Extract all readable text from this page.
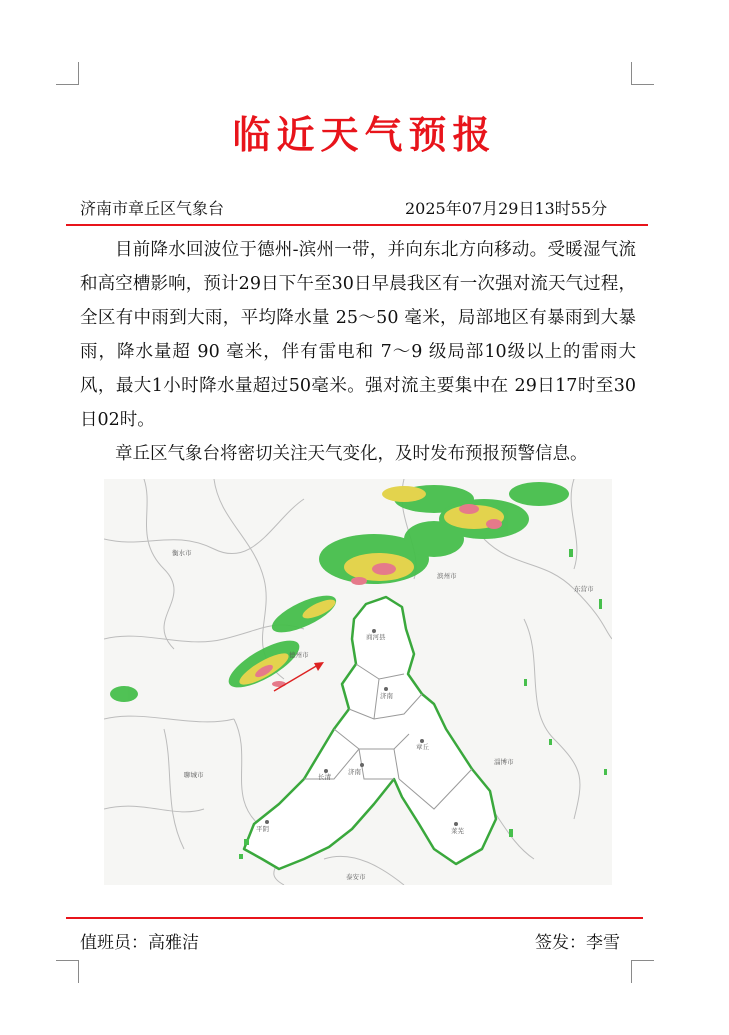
临近天气预报
济南市章丘区气象台	2025年07月29日13时55分

目前降水回波位于德州-滨州一带，并向东北方向移动。受暖湿气流和高空槽影响，预计29日下午至30日早晨我区有一次强对流天气过程，全区有中雨到大雨，平均降水量 25～50 毫米，局部地区有暴雨到大暴雨，降水量超 90 毫米，伴有雷电和 7～9 级局部10级以上的雷雨大风，最大1小时降水量超过50毫米。强对流主要集中在 29日17时至30日02时。

章丘区气象台将密切关注天气变化，及时发布预报预警信息。

衡水市
滨州市
东营市
商河县
德州市
济南
章丘
济南
长清
莱芜
平阴
聊城市
淄博市
泰安市
值班员：高雅洁	签发：李雪
